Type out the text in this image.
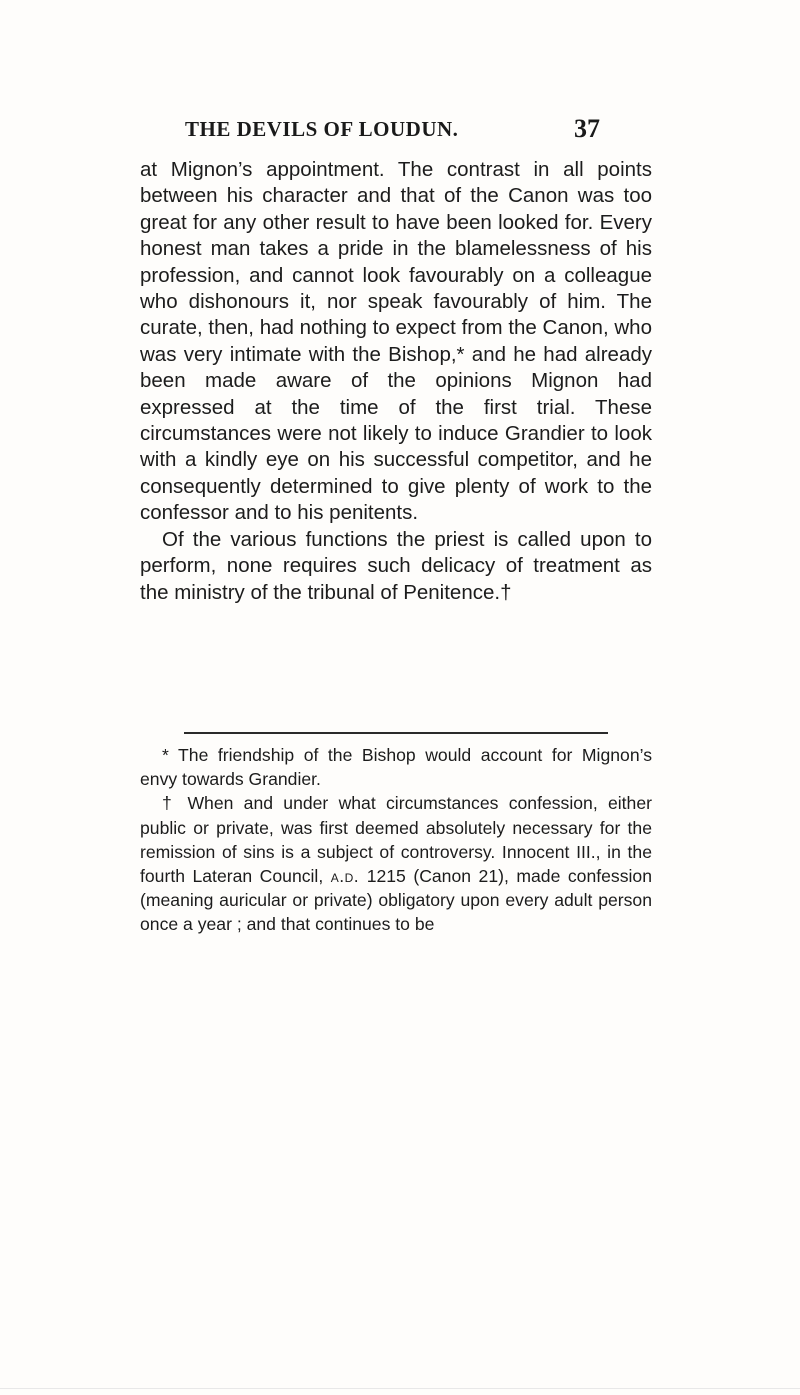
THE DEVILS OF LOUDUN.	37

at Mignon’s appointment. The contrast in all points between his character and that of the Canon was too great for any other result to have been looked for. Every honest man takes a pride in the blamelessness of his profession, and cannot look favourably on a colleague who dishonours it, nor speak favourably of him. The curate, then, had nothing to expect from the Canon, who was very intimate with the Bishop,* and he had already been made aware of the opinions Mignon had expressed at the time of the first trial. These circumstances were not likely to induce Grandier to look with a kindly eye on his successful competitor, and he consequently determined to give plenty of work to the confessor and to his penitents.

Of the various functions the priest is called upon to perform, none requires such delicacy of treatment as the ministry of the tribunal of Penitence.†

* The friendship of the Bishop would account for Mignon’s envy towards Grandier.

† When and under what circumstances confession, either public or private, was first deemed absolutely necessary for the remission of sins is a subject of controversy. Innocent III., in the fourth Lateran Council, a.d. 1215 (Canon 21), made confession (meaning auricular or private) obligatory upon every adult person once a year ; and that continues to be
